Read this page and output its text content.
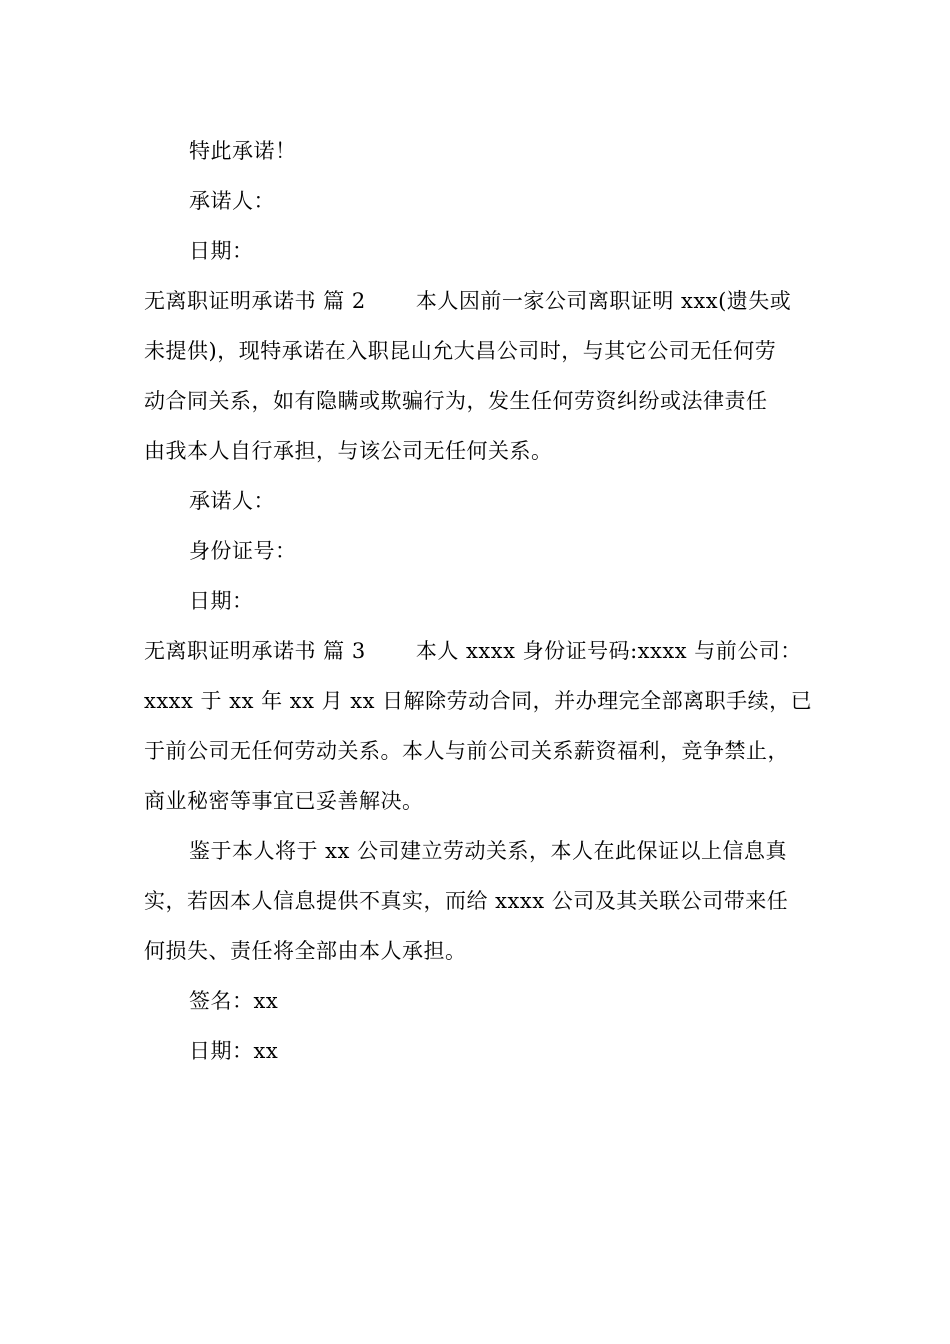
特此承诺！
承诺人：
日期：
无离职证明承诺书 篇 2　　 本人因前一家公司离职证明 xxx(遗失或
未提供)，现特承诺在入职昆山允大昌公司时，与其它公司无任何劳
动合同关系，如有隐瞒或欺骗行为，发生任何劳资纠纷或法律责任
由我本人自行承担，与该公司无任何关系。
承诺人：
身份证号：
日期：
无离职证明承诺书 篇 3　　 本人 xxxx 身份证号码:xxxx 与前公司：
xxxx 于 xx 年 xx 月 xx 日解除劳动合同，并办理完全部离职手续，已
于前公司无任何劳动关系。本人与前公司关系薪资福利，竞争禁止，
商业秘密等事宜已妥善解决。
鉴于本人将于 xx 公司建立劳动关系，本人在此保证以上信息真
实，若因本人信息提供不真实，而给 xxxx 公司及其关联公司带来任
何损失、责任将全部由本人承担。
签名：xx
日期：xx
